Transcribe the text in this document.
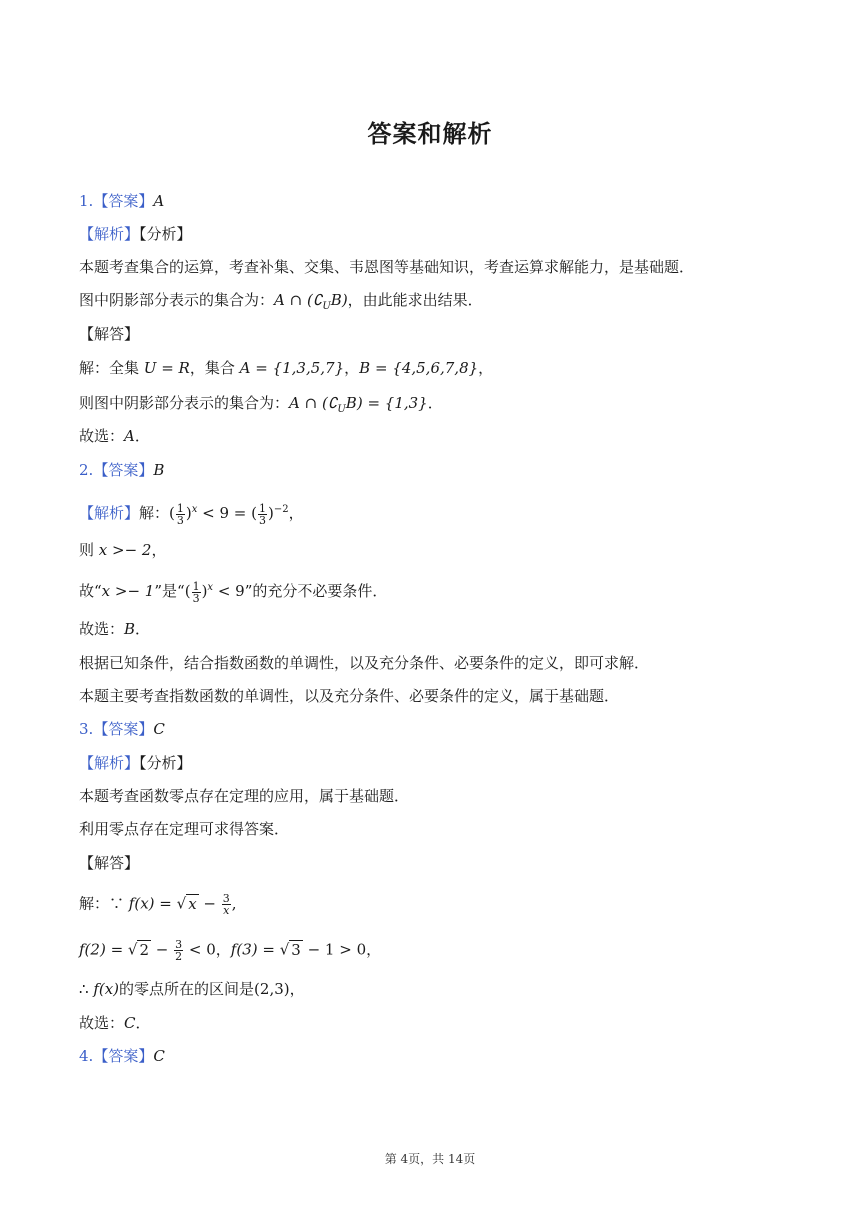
答案和解析
1.【答案】A
【解析】【分析】
本题考查集合的运算，考查补集、交集、韦恩图等基础知识，考查运算求解能力，是基础题．
图中阴影部分表示的集合为：A ∩ $(∁_UB)$，由此能求出结果．
【解答】
解：全集 U = R，集合 A = {1,3,5,7}，B = {4,5,6,7,8}，
则图中阴影部分表示的集合为：A ∩ $(∁_UB) = \{1,3\}$．
故选：A．
2.【答案】B
【解析】解：( $\frac{1}{3} )^x < 9$ = ( $\frac{1}{3} )^{-2}$，
则 x >− 2，
故“x >− 1”是“( $\frac{1}{3} )^x < 9$”的充分不必要条件．
故选：B．
根据已知条件，结合指数函数的单调性，以及充分条件、必要条件的定义，即可求解．
本题主要考查指数函数的单调性，以及充分条件、必要条件的定义，属于基础题．
3.【答案】C
【解析】【分析】
本题考查函数零点存在定理的应用，属于基础题．
利用零点存在定理可求得答案．
【解答】
解：∵ f(x) = √ $x - \frac{3}{x}$ ,
f(2) = √ $2 - \frac{3}{2} < 0$，f(3) = √ 3 − 1 > 0，
∴ f(x)的零点所在的区间是(2,3)，
故选：C．
4.【答案】C
第 4页，共 14页
